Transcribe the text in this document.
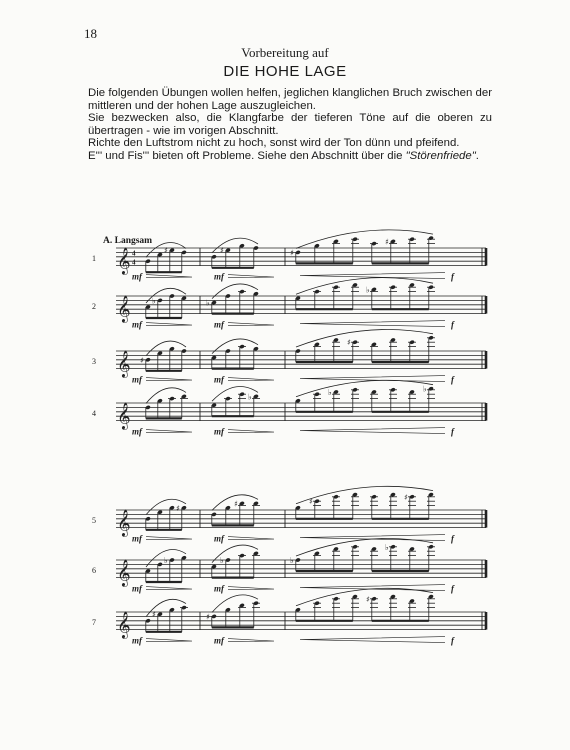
18
Vorbereitung auf
DIE HOHE LAGE

Die folgenden Übungen wollen helfen, jeglichen klanglichen Bruch zwischen der mittleren und der hohen Lage auszugleichen.

Sie bezwecken also, die Klangfarbe der tieferen Töne auf die oberen zu übertragen - wie im vorigen Abschnitt.

Richte den Luftstrom nicht zu hoch, sonst wird der Ton dünn und pfeifend.

E''' und Fis''' bieten oft Probleme. Siehe den Abschnitt über die "Störenfriede".

A. Langsam
1 𝄞 4
4
♯	♯	♯
♯
mf	mf	f
2 𝄞	♭	♭
♭
mf	mf	f
3 𝄞 ♯
♯
mf	mf	f
4 𝄞
♭	♭	♭
mf	mf	f
5 𝄞
♯	♯	♯	♯
mf	mf	f
6 𝄞
♭	♭	♭
♭
mf	mf	f
7 𝄞	♯	♯
♯
mf	mf	f
